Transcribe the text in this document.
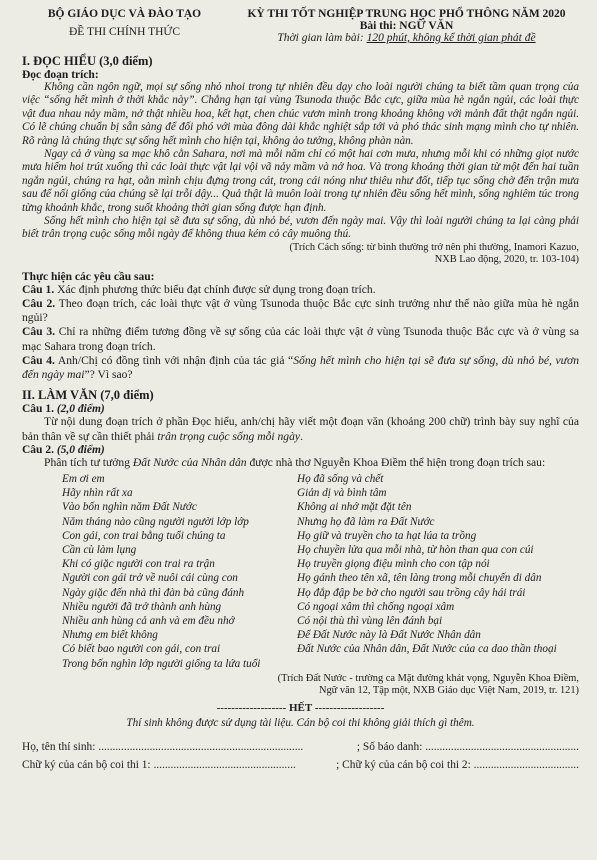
BỘ GIÁO DỤC VÀ ĐÀO TẠO
ĐỀ THI CHÍNH THỨC
KỲ THI TỐT NGHIỆP TRUNG HỌC PHỔ THÔNG NĂM 2020
Bài thi: NGỮ VĂN
Thời gian làm bài: 120 phút, không kể thời gian phát đề
I. ĐỌC HIỂU (3,0 điểm)
Đọc đoạn trích:

Không cần ngôn ngữ, mọi sự sống nhỏ nhoi trong tự nhiên đều dạy cho loài người chúng ta biết tầm quan trọng của việc “sống hết mình ở thời khắc này”. Chẳng hạn tại vùng Tsunoda thuộc Bắc cực, giữa mùa hè ngắn ngủi, các loài thực vật đua nhau nảy mầm, nở thật nhiều hoa, kết hạt, chen chúc vươn mình trong khoảng không với mảnh đất thật ngắn ngủi. Có lẽ chúng chuẩn bị sẵn sàng để đối phó với mùa đông dài khắc nghiệt sắp tới và phó thác sinh mạng mình cho tự nhiên. Rõ ràng là chúng thực sự sống hết mình cho hiện tại, không ảo tưởng, không phàn nàn.

Ngay cả ở vùng sa mạc khô cằn Sahara, nơi mà mỗi năm chỉ có một hai cơn mưa, nhưng mỗi khi có những giọt nước mưa hiếm hoi trút xuống thì các loài thực vật lại vội vã nảy mầm và nở hoa. Và trong khoảng thời gian từ một đến hai tuần ngắn ngủi, chúng ra hạt, oằn mình chịu đựng trong cát, trong cái nóng như thiêu như đốt, tiếp tục sống chờ đến trận mưa sau để nối giống của chúng sẽ lại trỗi dậy... Quả thật là muôn loài trong tự nhiên đều sống hết mình, sống nghiêm túc trong từng khoảnh khắc, trong suốt khoảng thời gian sống được hạn định.

Sống hết mình cho hiện tại sẽ đưa sự sống, dù nhỏ bé, vươn đến ngày mai. Vậy thì loài người chúng ta lại càng phải biết trân trọng cuộc sống mỗi ngày để không thua kém cỏ cây muông thú.

(Trích Cách sống: từ bình thường trở nên phi thường, Inamori Kazuo,
NXB Lao động, 2020, tr. 103-104)
Thực hiện các yêu cầu sau:

Câu 1. Xác định phương thức biểu đạt chính được sử dụng trong đoạn trích.

Câu 2. Theo đoạn trích, các loài thực vật ở vùng Tsunoda thuộc Bắc cực sinh trưởng như thế nào giữa mùa hè ngắn ngủi?

Câu 3. Chỉ ra những điểm tương đồng về sự sống của các loài thực vật ở vùng Tsunoda thuộc Bắc cực và ở vùng sa mạc Sahara trong đoạn trích.

Câu 4. Anh/Chị có đồng tình với nhận định của tác giả “Sống hết mình cho hiện tại sẽ đưa sự sống, dù nhỏ bé, vươn đến ngày mai”? Vì sao?

II. LÀM VĂN (7,0 điểm)
Câu 1. (2,0 điểm)

Từ nội dung đoạn trích ở phần Đọc hiểu, anh/chị hãy viết một đoạn văn (khoảng 200 chữ) trình bày suy nghĩ của bản thân về sự cần thiết phải trân trọng cuộc sống mỗi ngày.

Câu 2. (5,0 điểm)

Phân tích tư tưởng Đất Nước của Nhân dân được nhà thơ Nguyễn Khoa Điềm thể hiện trong đoạn trích sau:

Em ơi em
Hãy nhìn rất xa
Vào bốn nghìn năm Đất Nước
Năm tháng nào cũng người người lớp lớp
Con gái, con trai bằng tuổi chúng ta
Cần cù làm lụng
Khi có giặc người con trai ra trận
Người con gái trở về nuôi cái cùng con
Ngày giặc đến nhà thì đàn bà cũng đánh
Nhiều người đã trở thành anh hùng
Nhiều anh hùng cả anh và em đều nhớ
Nhưng em biết không
Có biết bao người con gái, con trai
Trong bốn nghìn lớp người giống ta lứa tuổi
Họ đã sống và chết
Giản dị và bình tâm
Không ai nhớ mặt đặt tên
Nhưng họ đã làm ra Đất Nước
Họ giữ và truyền cho ta hạt lúa ta trồng
Họ chuyền lửa qua mỗi nhà, từ hòn than qua con cúi
Họ truyền giọng điệu mình cho con tập nói
Họ gánh theo tên xã, tên làng trong mỗi chuyến di dân
Họ đắp đập be bờ cho người sau trồng cây hái trái
Có ngoại xâm thì chống ngoại xâm
Có nội thù thì vùng lên đánh bại
Để Đất Nước này là Đất Nước Nhân dân
Đất Nước của Nhân dân, Đất Nước của ca dao thần thoại

(Trích Đất Nước - trường ca Mặt đường khát vọng, Nguyễn Khoa Điềm,
Ngữ văn 12, Tập một, NXB Giáo dục Việt Nam, 2019, tr. 121)
------------------- HẾT -------------------
Thí sinh không được sử dụng tài liệu. Cán bộ coi thi không giải thích gì thêm.
Họ, tên thí sinh: ........................................................................	; Số báo danh: ......................................................
Chữ ký của cán bộ coi thi 1: ..................................................	; Chữ ký của cán bộ coi thi 2: .....................................
